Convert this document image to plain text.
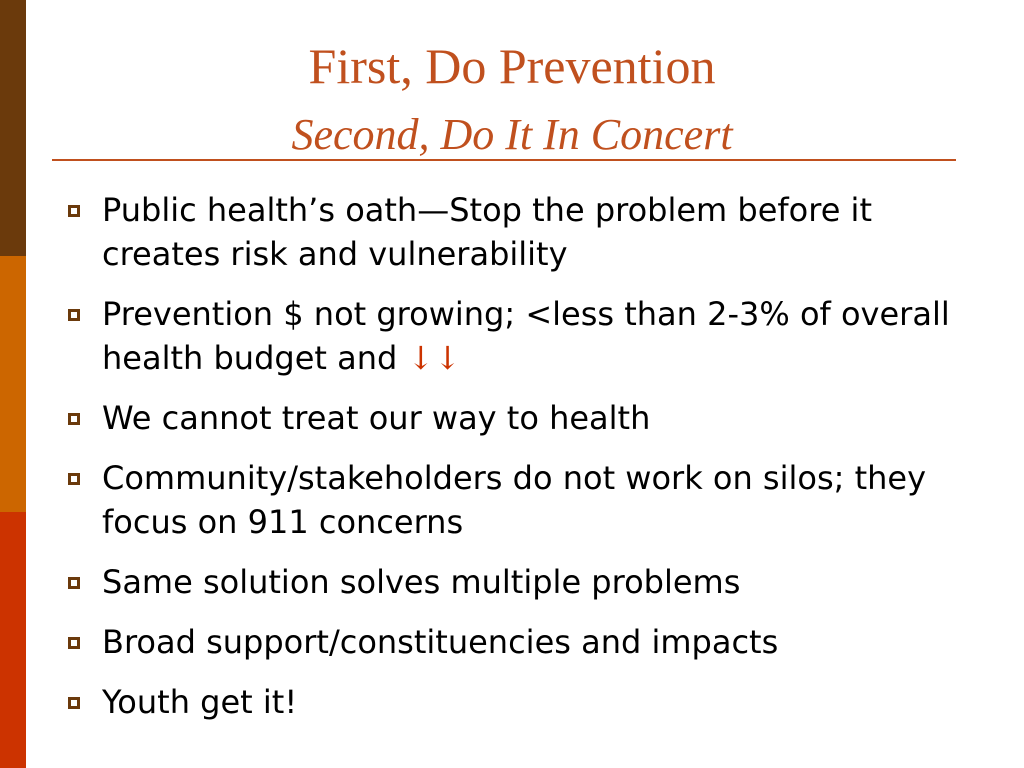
First, Do Prevention
Second, Do It In Concert
Public health’s oath—Stop the problem before it creates risk and vulnerability
Prevention $ not growing; <less than 2-3% of overall health budget and ↓↓
We cannot treat our way to health
Community/stakeholders do not work on silos; they focus on 911 concerns
Same solution solves multiple problems
Broad support/constituencies and impacts
Youth get it!
